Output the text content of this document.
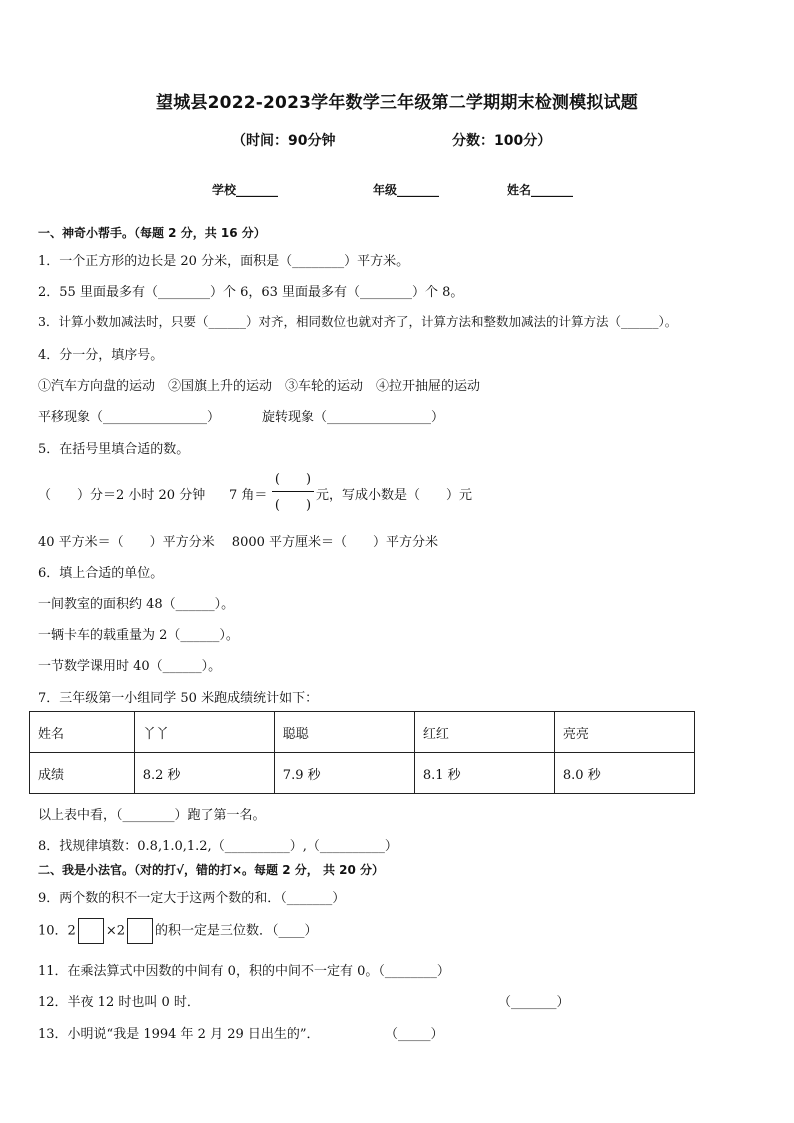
望城县2022-2023学年数学三年级第二学期期末检测模拟试题
（时间：90分钟	分数：100分）
学校_______	年级_______	姓名_______
一、神奇小帮手。（每题 2 分，共 16 分）
1．一个正方形的边长是 20 分米，面积是（________）平方米。
2．55 里面最多有（________）个 6，63 里面最多有（________）个 8。
3．计算小数加减法时，只要（______）对齐，相同数位也就对齐了，计算方法和整数加减法的计算方法（______）。
4．分一分，填序号。
①汽车方向盘的运动　②国旗上升的运动　③车轮的运动　④拉开抽屉的运动
平移现象（________________）	旋转现象（________________）
5．在括号里填合适的数。
（　　）分＝2 小时 20 分钟 7 角＝
(　　)
(　　)
元，写成小数是（　　）元
40 平方米＝（　　）平方分米　 8000 平方厘米＝（　　）平方分米
6．填上合适的单位。
一间教室的面积约 48（______）。
一辆卡车的载重量为 2（______）。
一节数学课用时 40（______）。
7．三年级第一小组同学 50 米跑成绩统计如下：
姓名	丫丫	聪聪	红红	亮亮
成绩	8.2 秒	7.9 秒	8.1 秒	8.0 秒
以上表中看，（________）跑了第一名。
8．找规律填数：0.8,1.0,1.2,（__________）,（__________）
二、我是小法官。（对的打√，错的打×。每题 2 分， 共 20 分）
9．两个数的积不一定大于这两个数的和．（_______）
10．2 ×2 的积一定是三位数．（____）
11．在乘法算式中因数的中间有 0，积的中间不一定有 0。（________）
12．半夜 12 时也叫 0 时．	（_______）
13．小明说“我是 1994 年 2 月 29 日出生的”．	（_____）
